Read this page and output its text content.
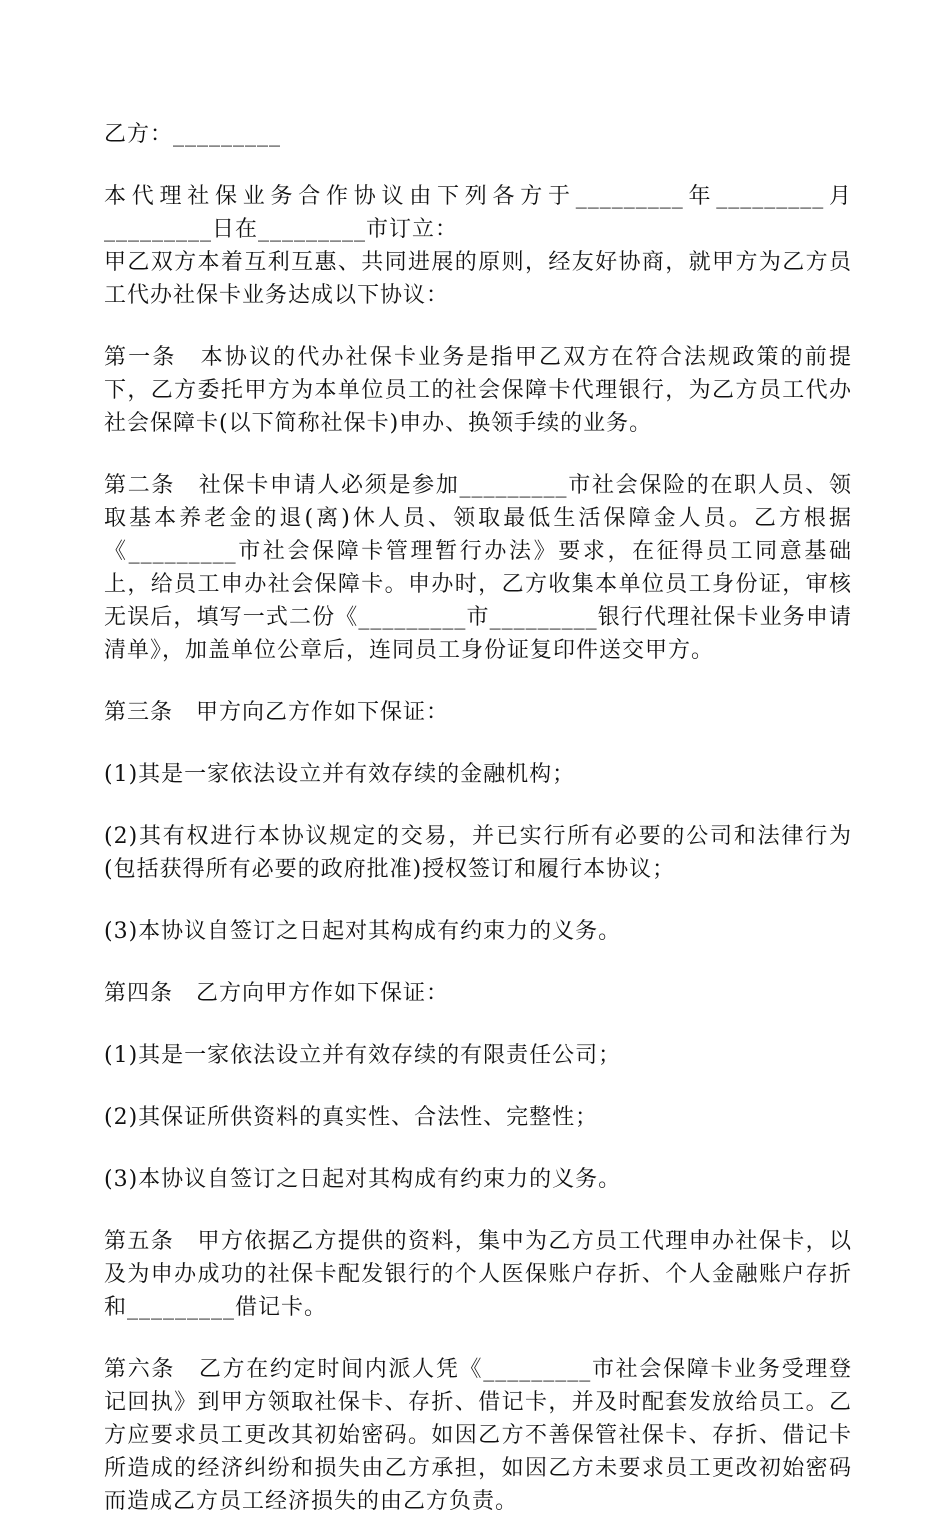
乙方：_________

本代理社保业务合作协议由下列各方于_________年_________月_________日在_________市订立：

甲乙双方本着互利互惠、共同进展的原则，经友好协商，就甲方为乙方员工代办社保卡业务达成以下协议：

第一条　本协议的代办社保卡业务是指甲乙双方在符合法规政策的前提下，乙方委托甲方为本单位员工的社会保障卡代理银行，为乙方员工代办社会保障卡(以下简称社保卡)申办、换领手续的业务。

第二条　社保卡申请人必须是参加_________市社会保险的在职人员、领取基本养老金的退(离)休人员、领取最低生活保障金人员。乙方根据《_________市社会保障卡管理暂行办法》要求，在征得员工同意基础上，给员工申办社会保障卡。申办时，乙方收集本单位员工身份证，审核无误后，填写一式二份《_________市_________银行代理社保卡业务申请清单》，加盖单位公章后，连同员工身份证复印件送交甲方。

第三条　甲方向乙方作如下保证：

(1)其是一家依法设立并有效存续的金融机构；

(2)其有权进行本协议规定的交易，并已实行所有必要的公司和法律行为(包括获得所有必要的政府批准)授权签订和履行本协议；

(3)本协议自签订之日起对其构成有约束力的义务。

第四条　乙方向甲方作如下保证：

(1)其是一家依法设立并有效存续的有限责任公司；

(2)其保证所供资料的真实性、合法性、完整性；

(3)本协议自签订之日起对其构成有约束力的义务。

第五条　甲方依据乙方提供的资料，集中为乙方员工代理申办社保卡，以及为申办成功的社保卡配发银行的个人医保账户存折、个人金融账户存折和_________借记卡。

第六条　乙方在约定时间内派人凭《_________市社会保障卡业务受理登记回执》到甲方领取社保卡、存折、借记卡，并及时配套发放给员工。乙方应要求员工更改其初始密码。如因乙方不善保管社保卡、存折、借记卡所造成的经济纠纷和损失由乙方承担，如因乙方未要求员工更改初始密码而造成乙方员工经济损失的由乙方负责。
